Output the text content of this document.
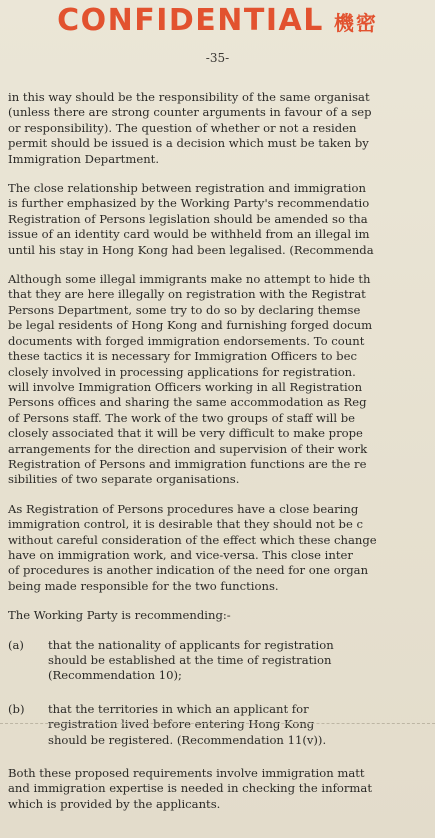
CONFIDENTIAL 機密
-35-
in this way should be the responsibility of the same organisat
(unless there are strong counter arguments in favour of a sep
or responsibility). The question of whether or not a residen
permit should be issued is a decision which must be taken by
Immigration Department.
The close relationship between registration and immigration
is further emphasized by the Working Party's recommendatio
Registration of Persons legislation should be amended so tha
issue of an identity card would be withheld from an illegal im
until his stay in Hong Kong had been legalised. (Recommenda
Although some illegal immigrants make no attempt to hide th
that they are here illegally on registration with the Registrat
Persons Department, some try to do so by declaring themse
be legal residents of Hong Kong and furnishing forged docum
documents with forged immigration endorsements. To count
these tactics it is necessary for Immigration Officers to bec
closely involved in processing applications for registration.
will involve Immigration Officers working in all Registration
Persons offices and sharing the same accommodation as Reg
of Persons staff. The work of the two groups of staff will be
closely associated that it will be very difficult to make prope
arrangements for the direction and supervision of their work
Registration of Persons and immigration functions are the re
sibilities of two separate organisations.
As Registration of Persons procedures have a close bearing
immigration control, it is desirable that they should not be c
without careful consideration of the effect which these change
have on immigration work, and vice-versa. This close inter
of procedures is another indication of the need for one organ
being made responsible for the two functions.
The Working Party is recommending:-
(a)	that the nationality of applicants for registration
should be established at the time of registration
(Recommendation 10);
(b)	that the territories in which an applicant for
registration lived before entering Hong Kong
should be registered. (Recommendation 11(v)).
Both these proposed requirements involve immigration matt
and immigration expertise is needed in checking the informat
which is provided by the applicants.
